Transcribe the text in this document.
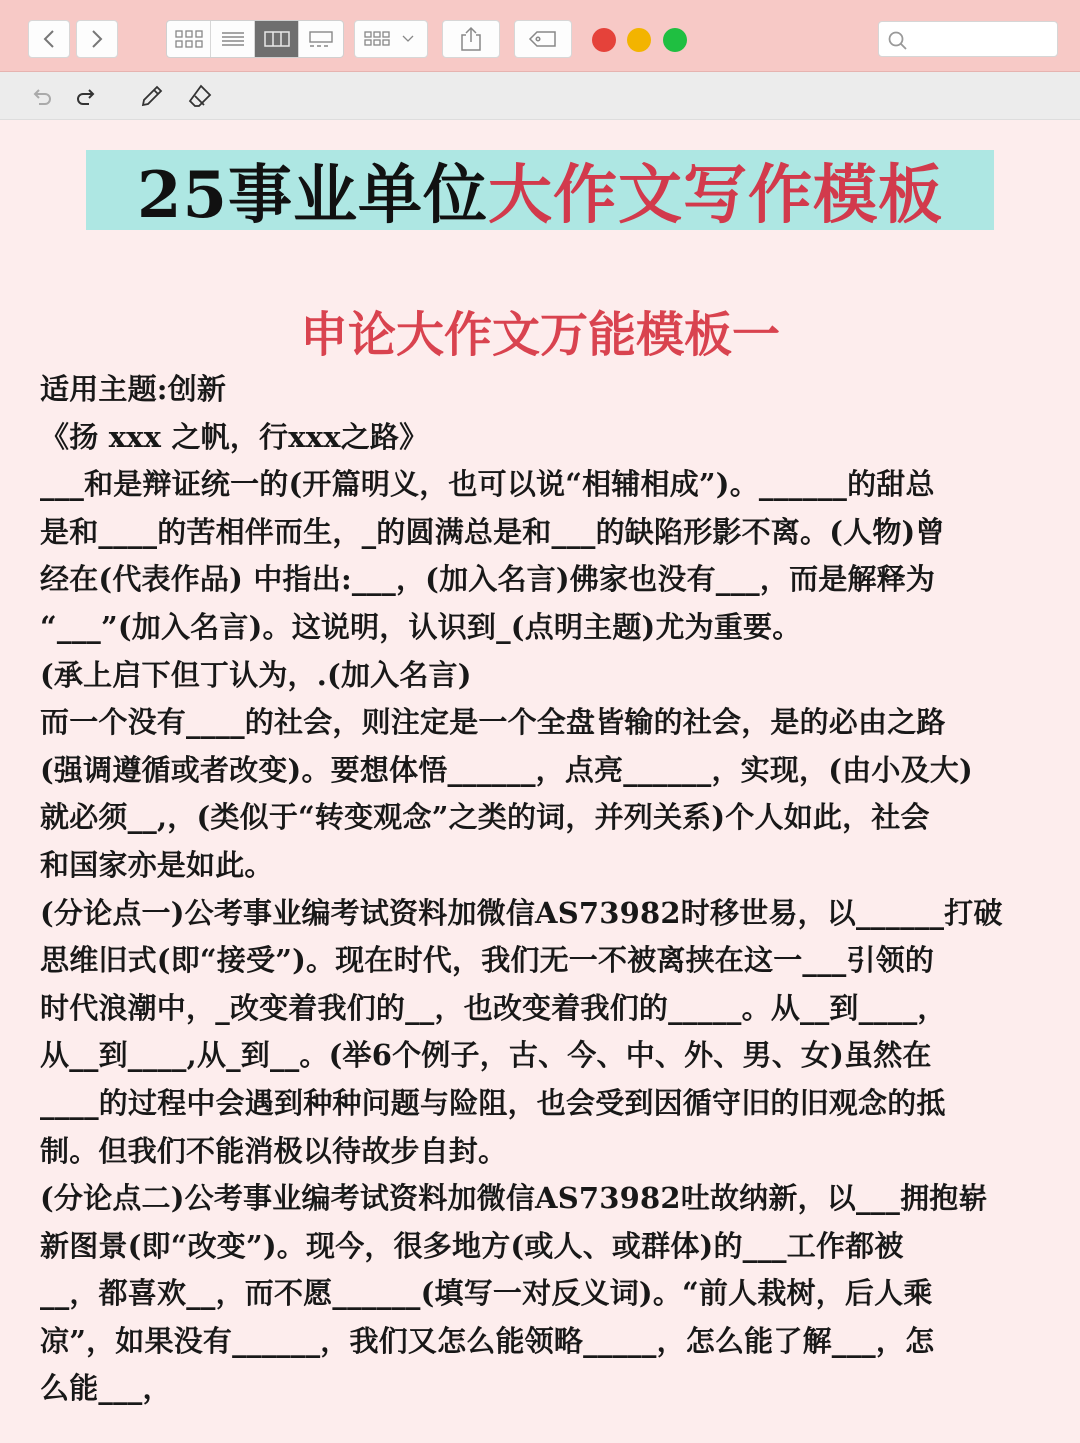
25事业单位 大作文写作模板
申论大作文万能模板一

适用主题:创新

《扬 xxx 之帆，行xxx之路》

___和是辩证统一的(开篇明义，也可以说“相辅相成”)。______的甜总

是和____的苦相伴而生，_的圆满总是和___的缺陷形影不离。(人物)曾

经在(代表作品) 中指出:___，(加入名言)佛家也没有___，而是解释为

“___”(加入名言)。这说明，认识到_(点明主题)尤为重要。

(承上启下但丁认为，.(加入名言)

而一个没有____的社会，则注定是一个全盘皆输的社会，是的必由之路

(强调遵循或者改变)。要想体悟______，点亮______，实现，(由小及大)

就必须__,，(类似于“转变观念”之类的词，并列关系)个人如此，社会

和国家亦是如此。

(分论点一)公考事业编考试资料加微信AS73982时移世易，以______打破

思维旧式(即“接受”)。现在时代，我们无一不被离挟在这一___引领的

时代浪潮中，_改变着我们的__，也改变着我们的_____。从__到____，

从__到____,从_到__。(举6个例子，古、今、中、外、男、女)虽然在

____的过程中会遇到种种问题与险阻，也会受到因循守旧的旧观念的抵

制。但我们不能消极以待故步自封。

(分论点二)公考事业编考试资料加微信AS73982吐故纳新，以___拥抱崭

新图景(即“改变”)。现今，很多地方(或人、或群体)的___工作都被

__，都喜欢__，而不愿______(填写一对反义词)。“前人栽树，后人乘

凉”，如果没有______，我们又怎么能领略_____，怎么能了解___，怎

么能___，
